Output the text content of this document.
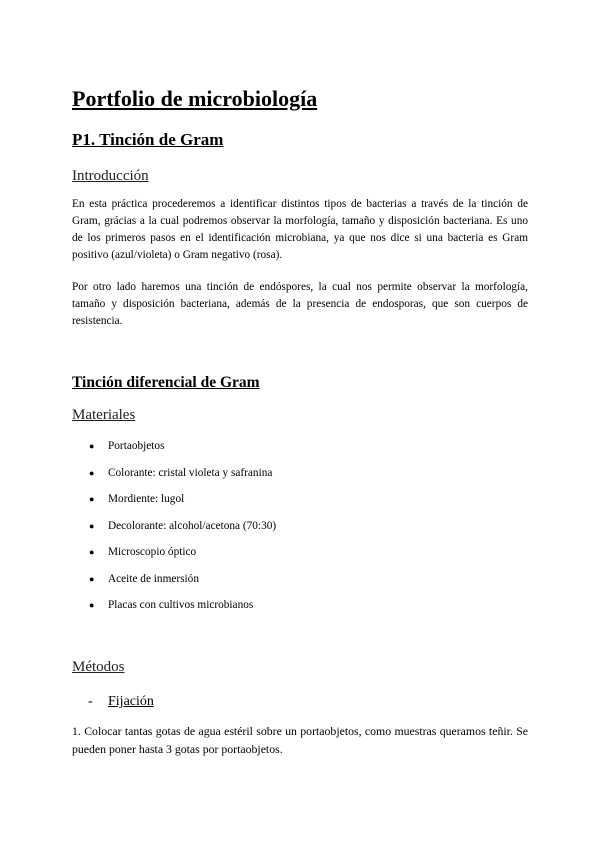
Portfolio de microbiología
P1. Tinción de Gram
Introducción

En esta práctica procederemos a identificar distintos tipos de bacterias a través de la tinción de Gram, grácias a la cual podremos observar la morfología, tamaño y disposición bacteriana. Es uno de los primeros pasos en el identificación microbiana, ya que nos dice si una bacteria es Gram positivo (azul/violeta) o Gram negativo (rosa).

Por otro lado haremos una tinción de endóspores, la cual nos permite observar la morfología, tamaño y disposición bacteriana, además de la presencia de endosporas, que son cuerpos de resistencia.

Tinción diferencial de Gram
Materiales
● Portaobjetos
● Colorante: cristal violeta y safranina
● Mordiente: lugol
● Decolorante: alcohol/acetona (70:30)
● Microscopio óptico
● Aceite de inmersión
● Placas con cultivos microbianos
Métodos

- Fijación

1. Colocar tantas gotas de agua estéril sobre un portaobjetos, como muestras queramos teñir. Se pueden poner hasta 3 gotas por portaobjetos.
